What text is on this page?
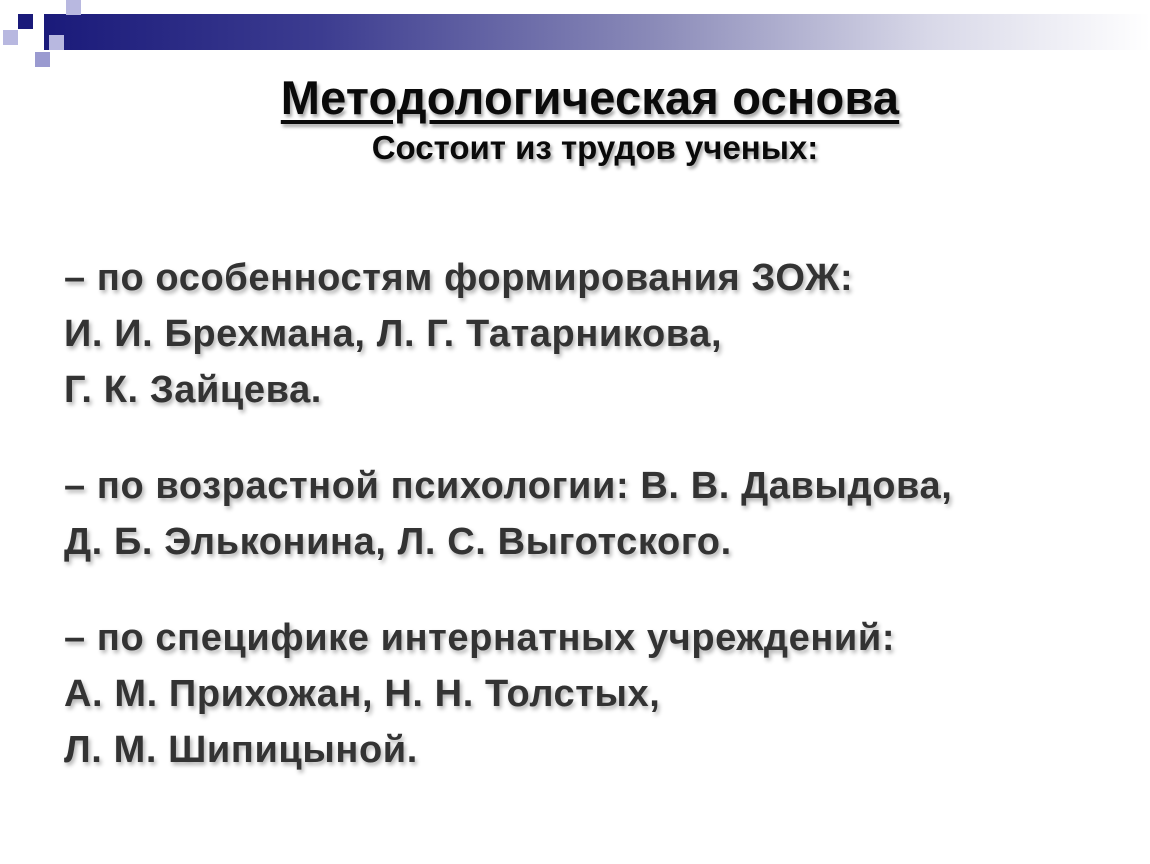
Методологическая основа
Состоит из трудов ученых:
– по особенностям формирования ЗОЖ:
И. И. Брехмана, Л. Г. Татарникова,
Г. К. Зайцева.
– по возрастной психологии: В. В. Давыдова,
Д. Б. Эльконина, Л. С. Выготского.
– по специфике интернатных учреждений:
А. М. Прихожан, Н. Н. Толстых,
Л. М. Шипицыной.
